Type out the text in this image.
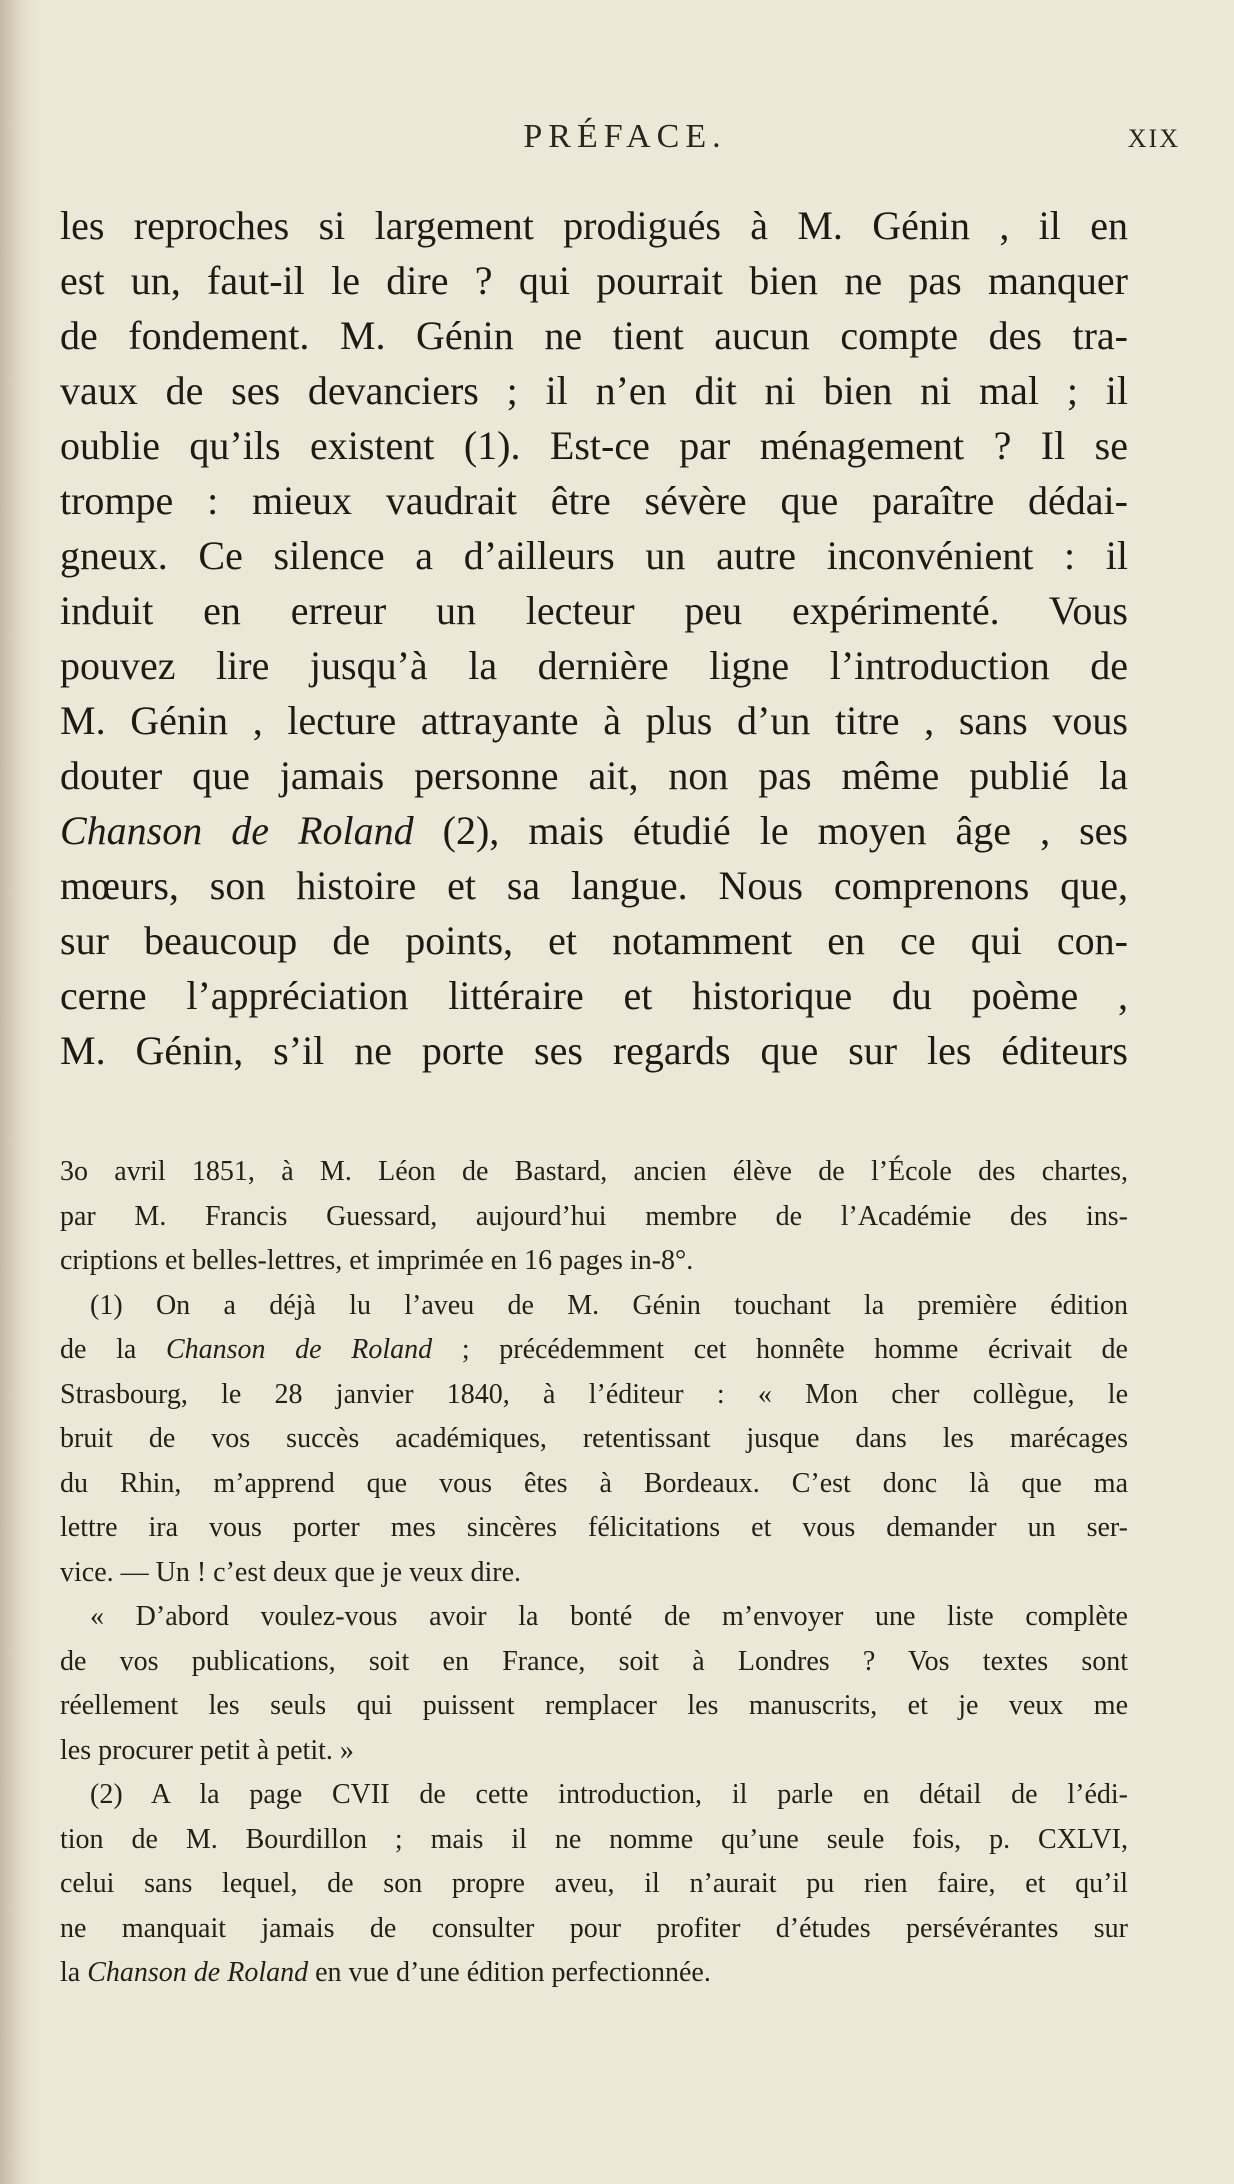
PRÉFACE.	XIX
les reproches si largement prodigués à M. Génin , il en
est un, faut-il le dire ? qui pourrait bien ne pas manquer
de fondement. M. Génin ne tient aucun compte des tra-
vaux de ses devanciers ; il n’en dit ni bien ni mal ; il
oublie qu’ils existent (1). Est-ce par ménagement ? Il se
trompe : mieux vaudrait être sévère que paraître dédai-
gneux. Ce silence a d’ailleurs un autre inconvénient : il
induit en erreur un lecteur peu expérimenté. Vous
pouvez lire jusqu’à la dernière ligne l’introduction de
M. Génin , lecture attrayante à plus d’un titre , sans vous
douter que jamais personne ait, non pas même publié la
Chanson de Roland (2), mais étudié le moyen âge , ses
mœurs, son histoire et sa langue. Nous comprenons que,
sur beaucoup de points, et notamment en ce qui con-
cerne l’appréciation littéraire et historique du poème ,
M. Génin, s’il ne porte ses regards que sur les éditeurs
3o avril 1851, à M. Léon de Bastard, ancien élève de l’École des chartes,
par M. Francis Guessard, aujourd’hui membre de l’Académie des ins-
criptions et belles-lettres, et imprimée en 16 pages in-8°.
(1) On a déjà lu l’aveu de M. Génin touchant la première édition
de la Chanson de Roland ; précédemment cet honnête homme écrivait de
Strasbourg, le 28 janvier 1840, à l’éditeur : « Mon cher collègue, le
bruit de vos succès académiques, retentissant jusque dans les marécages
du Rhin, m’apprend que vous êtes à Bordeaux. C’est donc là que ma
lettre ira vous porter mes sincères félicitations et vous demander un ser-
vice. — Un ! c’est deux que je veux dire.
« D’abord voulez-vous avoir la bonté de m’envoyer une liste complète
de vos publications, soit en France, soit à Londres ? Vos textes sont
réellement les seuls qui puissent remplacer les manuscrits, et je veux me
les procurer petit à petit. »
(2) A la page CVII de cette introduction, il parle en détail de l’édi-
tion de M. Bourdillon ; mais il ne nomme qu’une seule fois, p. CXLVI,
celui sans lequel, de son propre aveu, il n’aurait pu rien faire, et qu’il
ne manquait jamais de consulter pour profiter d’études persévérantes sur
la Chanson de Roland en vue d’une édition perfectionnée.
